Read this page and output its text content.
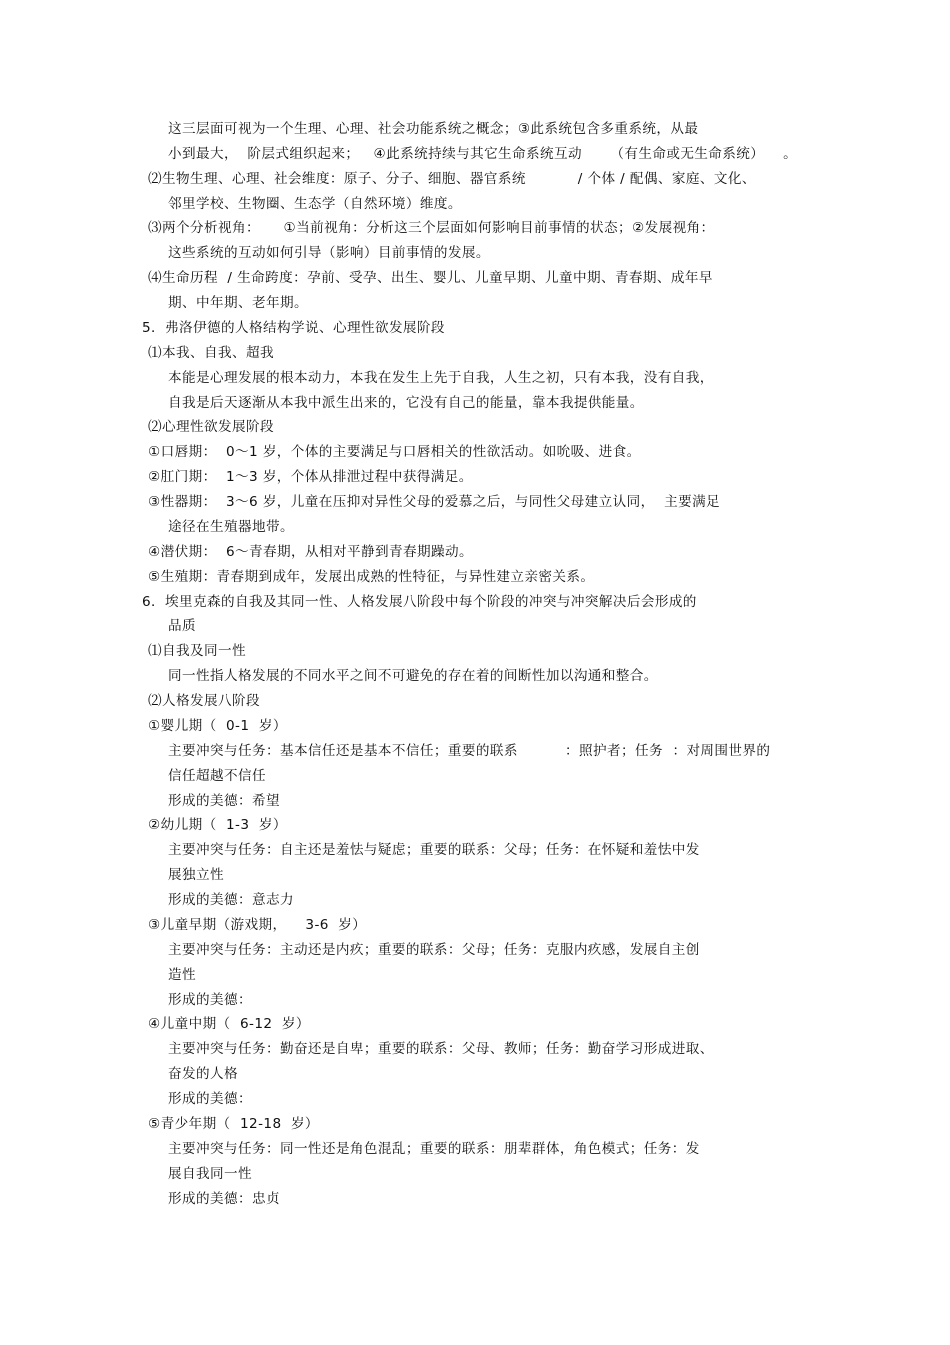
这三层面可视为一个生理、心理、社会功能系统之概念；③此系统包含多重系统，从最
小到最大，  阶层式组织起来；   ④此系统持续与其它生命系统互动      （有生命或无生命系统）    。
⑵生物生理、心理、社会维度：原子、分子、细胞、器官系统           / 个体 / 配偶、家庭、文化、
邻里学校、生物圈、生态学（自然环境）维度。
⑶两个分析视角：     ①当前视角：分析这三个层面如何影响目前事情的状态；②发展视角：
这些系统的互动如何引导（影响）目前事情的发展。
⑷生命历程  / 生命跨度：孕前、受孕、出生、婴儿、儿童早期、儿童中期、青春期、成年早
期、中年期、老年期。
5．弗洛伊德的人格结构学说、心理性欲发展阶段
⑴本我、自我、超我
本能是心理发展的根本动力，本我在发生上先于自我，人生之初，只有本我，没有自我，
自我是后天逐渐从本我中派生出来的，它没有自己的能量，靠本我提供能量。
⑵心理性欲发展阶段
①口唇期：  0～1 岁，个体的主要满足与口唇相关的性欲活动。如吮吸、进食。
②肛门期：  1～3 岁，个体从排泄过程中获得满足。
③性器期：  3～6 岁，儿童在压抑对异性父母的爱慕之后，与同性父母建立认同，  主要满足
途径在生殖器地带。
④潜伏期：  6～青春期，从相对平静到青春期躁动。
⑤生殖期：青春期到成年，发展出成熟的性特征，与异性建立亲密关系。
6．埃里克森的自我及其同一性、人格发展八阶段中每个阶段的冲突与冲突解决后会形成的
品质
⑴自我及同一性
同一性指人格发展的不同水平之间不可避免的存在着的间断性加以沟通和整合。
⑵人格发展八阶段
①婴儿期（  0-1  岁）
主要冲突与任务：基本信任还是基本不信任；重要的联系          ：照护者；任务  ：对周围世界的
信任超越不信任
形成的美德：希望
②幼儿期（  1-3  岁）
主要冲突与任务：自主还是羞怯与疑虑；重要的联系：父母；任务：在怀疑和羞怯中发
展独立性
形成的美德：意志力
③儿童早期（游戏期，    3-6  岁）
主要冲突与任务：主动还是内疚；重要的联系：父母；任务：克服内疚感，发展自主创
造性
形成的美德：
④儿童中期（  6-12  岁）
主要冲突与任务：勤奋还是自卑；重要的联系：父母、教师；任务：勤奋学习形成进取、
奋发的人格
形成的美德：
⑤青少年期（  12-18  岁）
主要冲突与任务：同一性还是角色混乱；重要的联系：朋辈群体，角色模式；任务：发
展自我同一性
形成的美德：忠贞
